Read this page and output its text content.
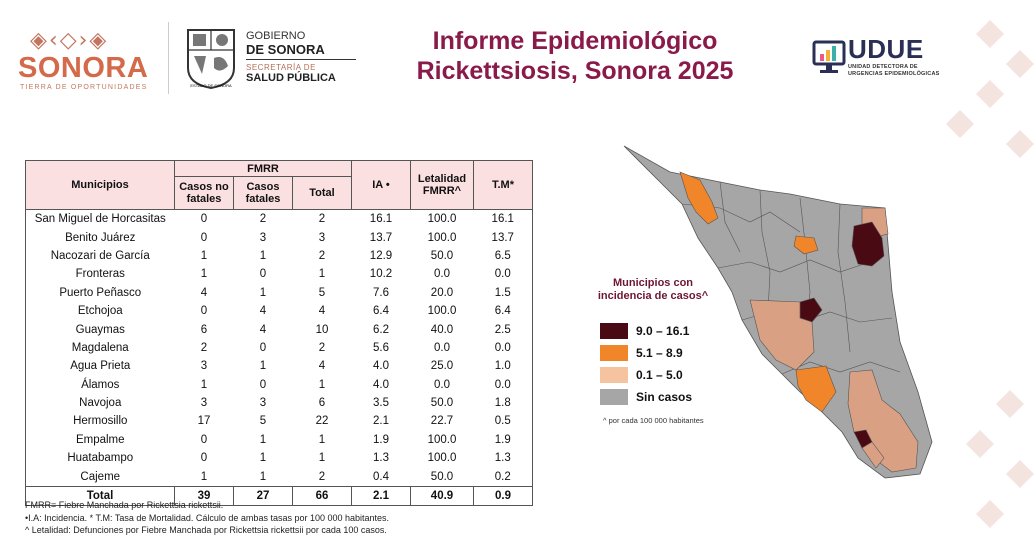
◈‹◇›◈
SONORA
TIERRA DE OPORTUNIDADES	ESTADO DE SONORA
GOBIERNO
DE SONORA
SECRETARÍA DE
SALUD PÚBLICA
Informe Epidemiológico
Rickettsiosis, Sonora 2025
UDUE
UNIDAD DETECTORA DE
URGENCIAS EPIDEMIOLÓGICAS
Municipios	FMRR			IA •	Letalidad FMRR^	T.M*
	Casos no fatales	Casos fatales	Total			
San Miguel de Horcasitas	0	2	2	16.1	100.0	16.1
Benito Juárez	0	3	3	13.7	100.0	13.7
Nacozari de García	1	1	2	12.9	50.0	6.5
Fronteras	1	0	1	10.2	0.0	0.0
Puerto Peñasco	4	1	5	7.6	20.0	1.5
Etchojoa	0	4	4	6.4	100.0	6.4
Guaymas	6	4	10	6.2	40.0	2.5
Magdalena	2	0	2	5.6	0.0	0.0
Agua Prieta	3	1	4	4.0	25.0	1.0
Álamos	1	0	1	4.0	0.0	0.0
Navojoa	3	3	6	3.5	50.0	1.8
Hermosillo	17	5	22	2.1	22.7	0.5
Empalme	0	1	1	1.9	100.0	1.9
Huatabampo	0	1	1	1.3	100.0	1.3
Cajeme	1	1	2	0.4	50.0	0.2
Total	39	27	66	2.1	40.9	0.9
FMRR= Fiebre Manchada por Rickettsia rickettsii.
•I.A: Incidencia. * T.M: Tasa de Mortalidad. Cálculo de ambas tasas por 100 000 habitantes.
^ Letalidad: Defunciones por Fiebre Manchada por Rickettsia rickettsii por cada 100 casos.
Municipios con
incidencia de casos^
9.0 – 16.1
5.1 – 8.9
0.1 – 5.0
Sin casos
^ por cada 100 000 habitantes
